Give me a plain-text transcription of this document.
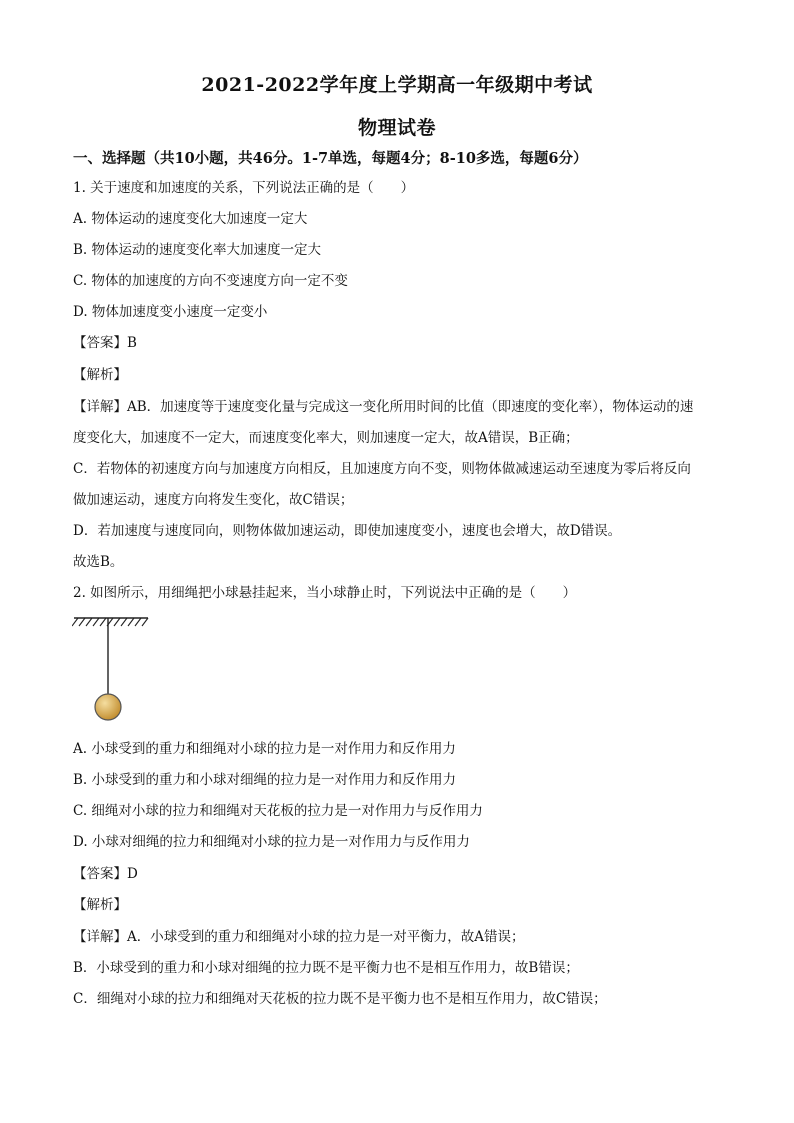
2021-2022学年度上学期高一年级期中考试
物理试卷
一、选择题（共10小题，共46分。1-7单选，每题4分；8-10多选，每题6分）
1. 关于速度和加速度的关系，下列说法正确的是（　　）
A. 物体运动的速度变化大加速度一定大
B. 物体运动的速度变化率大加速度一定大
C. 物体的加速度的方向不变速度方向一定不变
D. 物体加速度变小速度一定变小
【答案】B
【解析】
【详解】AB．加速度等于速度变化量与完成这一变化所用时间的比值（即速度的变化率），物体运动的速
度变化大，加速度不一定大，而速度变化率大，则加速度一定大，故A错误，B正确；
C．若物体的初速度方向与加速度方向相反，且加速度方向不变，则物体做减速运动至速度为零后将反向
做加速运动，速度方向将发生变化，故C错误；
D．若加速度与速度同向，则物体做加速运动，即使加速度变小，速度也会增大，故D错误。
故选B。
2. 如图所示，用细绳把小球悬挂起来，当小球静止时，下列说法中正确的是（　　）
A. 小球受到的重力和细绳对小球的拉力是一对作用力和反作用力
B. 小球受到的重力和小球对细绳的拉力是一对作用力和反作用力
C. 细绳对小球的拉力和细绳对天花板的拉力是一对作用力与反作用力
D. 小球对细绳的拉力和细绳对小球的拉力是一对作用力与反作用力
【答案】D
【解析】
【详解】A．小球受到的重力和细绳对小球的拉力是一对平衡力，故A错误；
B．小球受到的重力和小球对细绳的拉力既不是平衡力也不是相互作用力，故B错误；
C．细绳对小球的拉力和细绳对天花板的拉力既不是平衡力也不是相互作用力，故C错误；
